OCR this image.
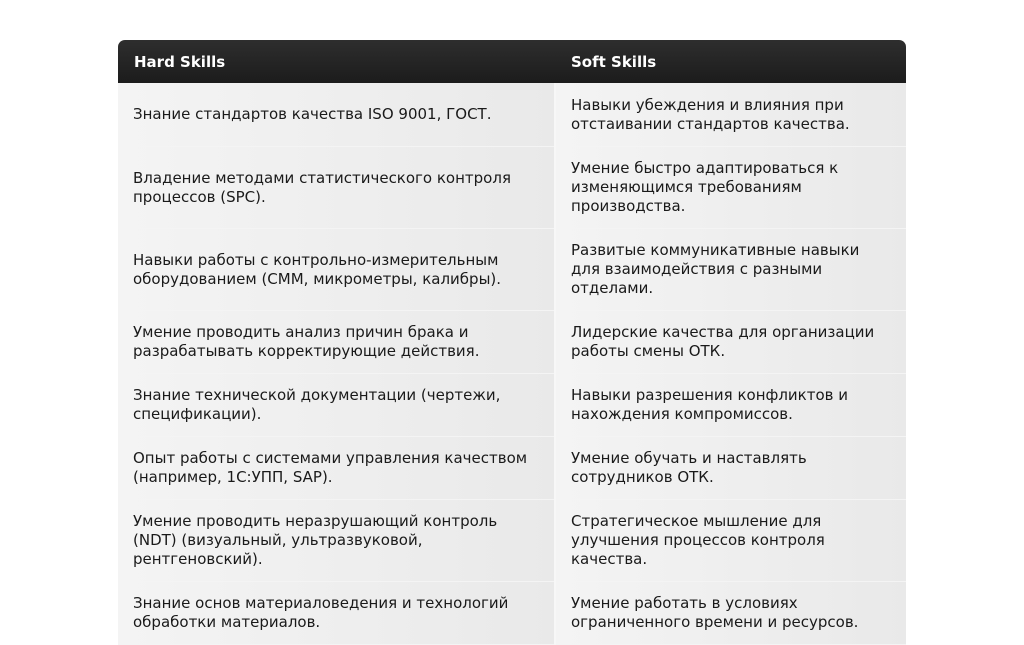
Hard Skills	Soft Skills
Знание стандартов качества ISO 9001, ГОСТ.	Навыки убеждения и влияния при отстаивании стандартов качества.
Владение методами статистического контроля процессов (SPC).	Умение быстро адаптироваться к изменяющимся требованиям производства.
Навыки работы с контрольно-измерительным оборудованием (CMM, микрометры, калибры).	Развитые коммуникативные навыки для взаимодействия с разными отделами.
Умение проводить анализ причин брака и разрабатывать корректирующие действия.	Лидерские качества для организации работы смены ОТК.
Знание технической документации (чертежи, спецификации).	Навыки разрешения конфликтов и нахождения компромиссов.
Опыт работы с системами управления качеством (например, 1С:УПП, SAP).	Умение обучать и наставлять сотрудников ОТК.
Умение проводить неразрушающий контроль (NDT) (визуальный, ультразвуковой, рентгеновский).	Стратегическое мышление для улучшения процессов контроля качества.
Знание основ материаловедения и технологий обработки материалов.	Умение работать в условиях ограниченного времени и ресурсов.
